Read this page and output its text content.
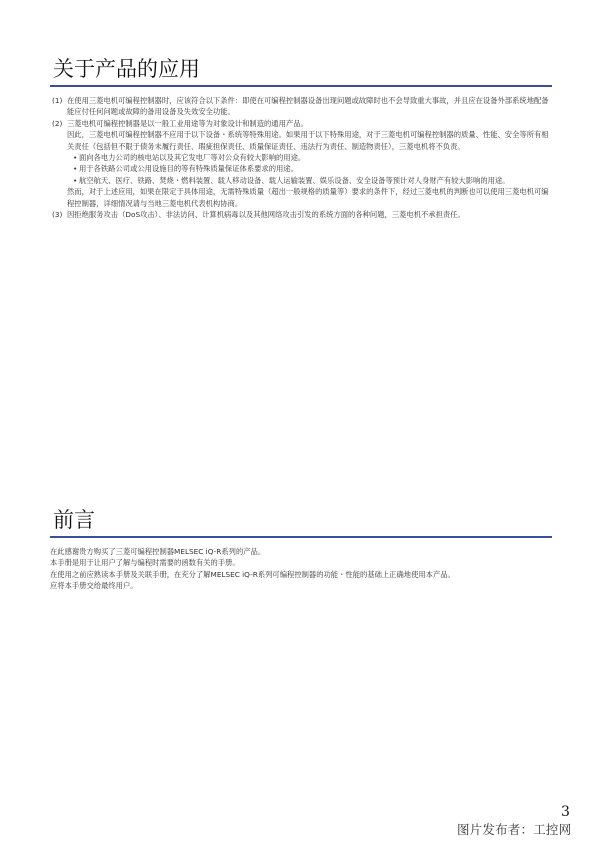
关于产品的应用
(1) 在使用三菱电机可编程控制器时，应该符合以下条件：即使在可编程控制器设备出现问题或故障时也不会导致重大事故，并且应在设备外部系统地配备能应付任何问题或故障的备用设备及失效安全功能。
(2) 三菱电机可编程控制器是以一般工业用途等为对象设计和制造的通用产品。
因此，三菱电机可编程控制器不应用于以下设备・系统等特殊用途。如果用于以下特殊用途，对于三菱电机可编程控制器的质量、性能、安全等所有相关责任（包括但不限于债务未履行责任、瑕疵担保责任、质量保证责任、违法行为责任、制造物责任），三菱电机将不负责。
• 面向各电力公司的核电站以及其它发电厂等对公众有较大影响的用途。
• 用于各铁路公司或公用设施目的等有特殊质量保证体系要求的用途。
• 航空航天、医疗、铁路、焚烧・燃料装置、载人移动设备、载人运输装置、娱乐设备、安全设备等预计对人身财产有较大影响的用途。
然而，对于上述应用，如果在限定于具体用途，无需特殊质量（超出一般规格的质量等）要求的条件下，经过三菱电机的判断也可以使用三菱电机可编程控制器，详细情况请与当地三菱电机代表机构协商。
(3) 因拒绝服务攻击（DoS攻击）、非法访问、计算机病毒以及其他网络攻击引发的系统方面的各种问题，三菱电机不承担责任。
前言

在此感谢贵方购买了三菱可编程控制器MELSEC iQ-R系列的产品。

本手册是用于让用户了解与编程时需要的函数有关的手册。

在使用之前应熟读本手册及关联手册，在充分了解MELSEC iQ-R系列可编程控制器的功能・性能的基础上正确地使用本产品。

应将本手册交给最终用户。

3
图片发布者：工控网
